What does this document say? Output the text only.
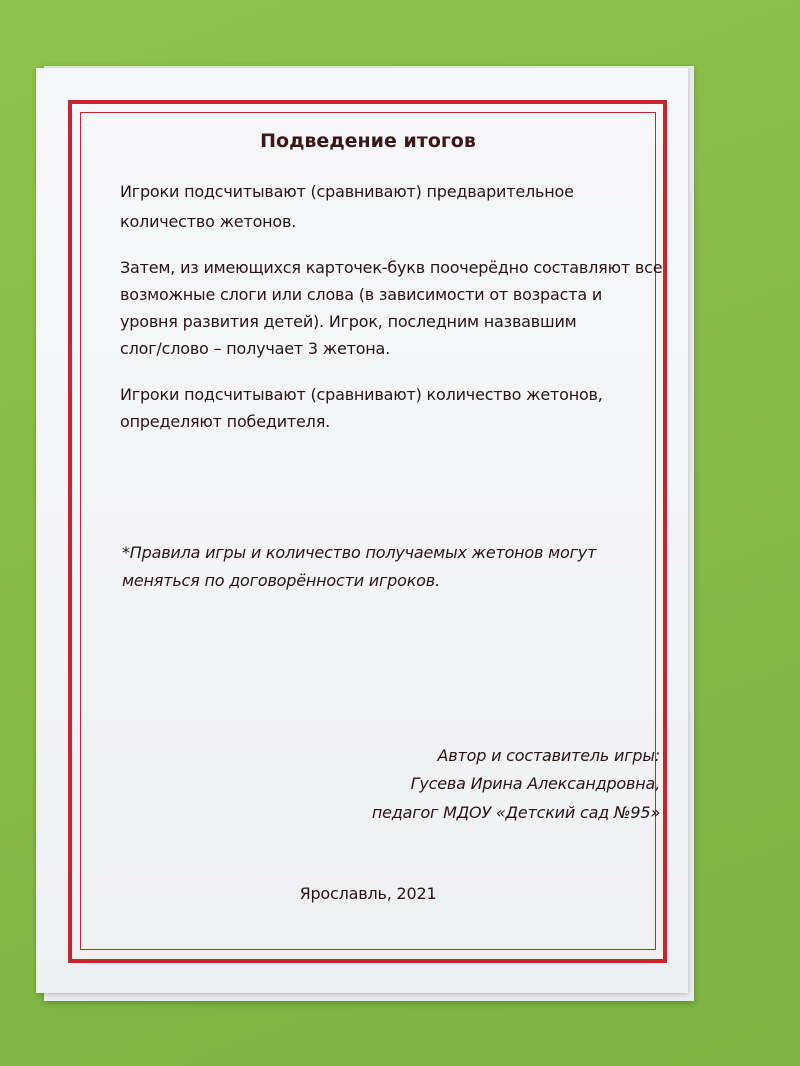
Подведение итогов
Игроки подсчитывают (сравнивают) предварительное
количество жетонов.
Затем, из имеющихся карточек-букв поочерёдно составляют все
возможные слоги или слова (в зависимости от возраста и
уровня развития детей). Игрок, последним назвавшим
слог/слово – получает 3 жетона.
Игроки подсчитывают (сравнивают) количество жетонов,
определяют победителя.
*Правила игры и количество получаемых жетонов могут
меняться по договорённости игроков.
Автор и составитель игры:
Гусева Ирина Александровна,
педагог МДОУ «Детский сад №95»
Ярославль, 2021
